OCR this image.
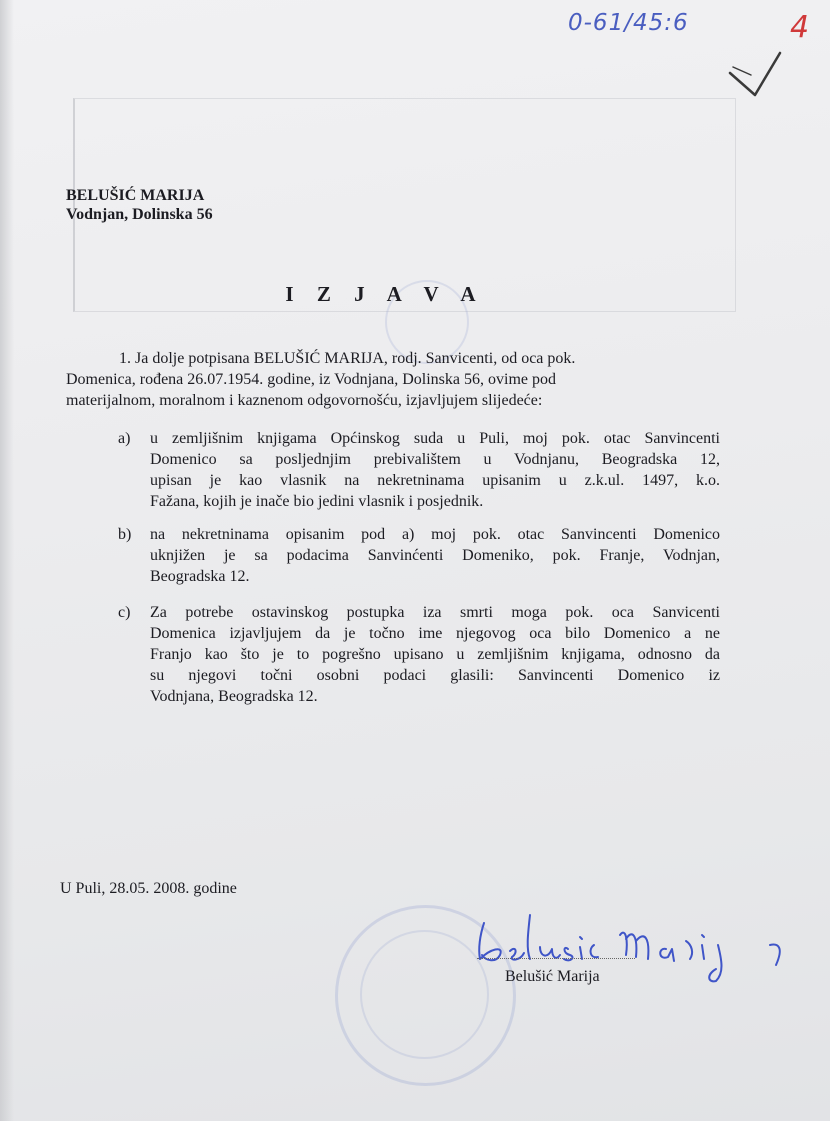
0-61/45:6	4
BELUŠIĆ MARIJA
Vodnjan, Dolinska 56
I Z J A V A
1. Ja dolje potpisana BELUŠIĆ MARIJA, rodj. Sanvicenti, od oca pok.
Domenica, rođena 26.07.1954. godine, iz Vodnjana, Dolinska 56, ovime pod
materijalnom, moralnom i kaznenom odgovornošću, izjavljujem slijedeće:
a) u zemljišnim knjigama Općinskog suda u Puli, moj pok. otac Sanvincenti
Domenico sa posljednjim prebivalištem u Vodnjanu, Beogradska 12,
upisan je kao vlasnik na nekretninama upisanim u z.k.ul. 1497, k.o.
Fažana, kojih je inače bio jedini vlasnik i posjednik.
b) na nekretninama opisanim pod a) moj pok. otac Sanvincenti Domenico
uknjižen je sa podacima Sanvinćenti Domeniko, pok. Franje, Vodnjan,
Beogradska 12.
c) Za potrebe ostavinskog postupka iza smrti moga pok. oca Sanvicenti
Domenica izjavljujem da je točno ime njegovog oca bilo Domenico a ne
Franjo kao što je to pogrešno upisano u zemljišnim knjigama, odnosno da
su njegovi točni osobni podaci glasili: Sanvincenti Domenico iz
Vodnjana, Beogradska 12.
U Puli, 28.05. 2008. godine
Belušić Marija
